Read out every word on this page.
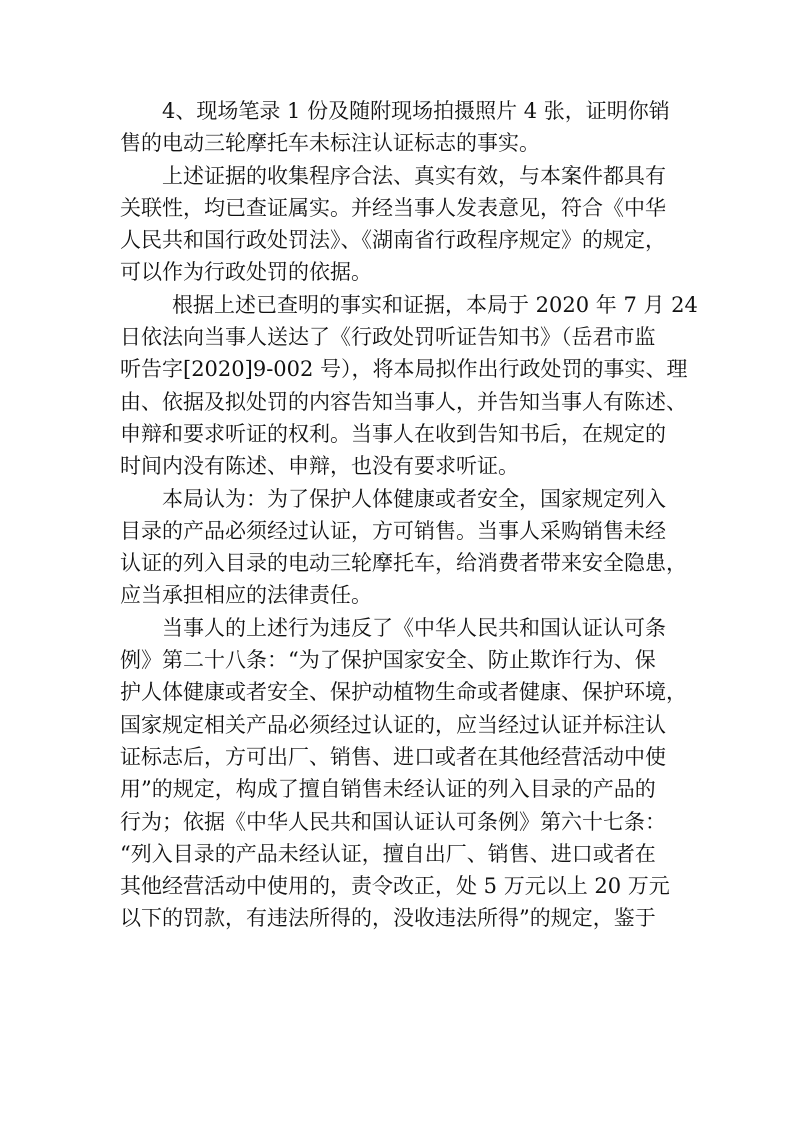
4、现场笔录 1 份及随附现场拍摄照片 4 张，证明你销
售的电动三轮摩托车未标注认证标志的事实。
上述证据的收集程序合法、真实有效，与本案件都具有
关联性，均已查证属实。并经当事人发表意见，符合《中华
人民共和国行政处罚法》、《湖南省行政程序规定》的规定，
可以作为行政处罚的依据。
根据上述已查明的事实和证据，本局于 2020 年 7 月 24
日依法向当事人送达了《行政处罚听证告知书》（岳君市监
听告字[2020]9-002 号），将本局拟作出行政处罚的事实、理
由、依据及拟处罚的内容告知当事人，并告知当事人有陈述、
申辩和要求听证的权利。当事人在收到告知书后，在规定的
时间内没有陈述、申辩，也没有要求听证。
本局认为：为了保护人体健康或者安全，国家规定列入
目录的产品必须经过认证，方可销售。当事人采购销售未经
认证的列入目录的电动三轮摩托车，给消费者带来安全隐患，
应当承担相应的法律责任。
当事人的上述行为违反了《中华人民共和国认证认可条
例》第二十八条：“为了保护国家安全、防止欺诈行为、保
护人体健康或者安全、保护动植物生命或者健康、保护环境，
国家规定相关产品必须经过认证的，应当经过认证并标注认
证标志后，方可出厂、销售、进口或者在其他经营活动中使
用”的规定，构成了擅自销售未经认证的列入目录的产品的
行为；依据《中华人民共和国认证认可条例》第六十七条：
“列入目录的产品未经认证，擅自出厂、销售、进口或者在
其他经营活动中使用的，责令改正，处 5 万元以上 20 万元
以下的罚款，有违法所得的，没收违法所得”的规定，鉴于
